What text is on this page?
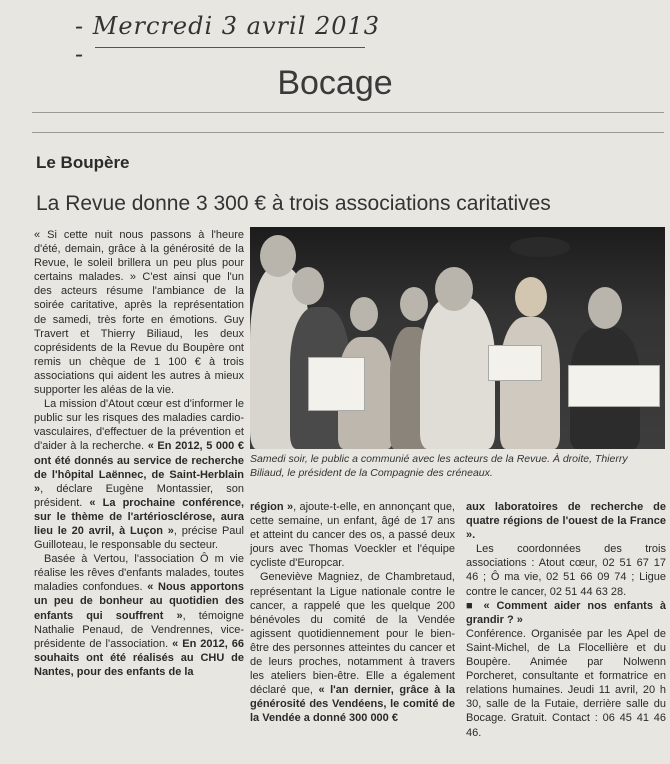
- Mercredi 3 avril 2013 -
Bocage
Le Boupère
La Revue donne 3 300 € à trois associations caritatives

« Si cette nuit nous passons à l'heure d'été, demain, grâce à la générosité de la Revue, le soleil brillera un peu plus pour certains malades. » C'est ainsi que l'un des acteurs résume l'ambiance de la soirée caritative, après la représentation de samedi, très forte en émotions. Guy Travert et Thierry Biliaud, les deux coprésidents de la Revue du Boupère ont remis un chèque de 1 100 € à trois associations qui aident les autres à mieux supporter les aléas de la vie.

La mission d'Atout cœur est d'informer le public sur les risques des maladies cardio-vasculaires, d'effectuer de la prévention et d'aider à la recherche. « En 2012, 5 000 € ont été donnés au service de recherche de l'hôpital Laënnec, de Saint-Herblain », déclare Eugène Montassier, son président. « La prochaine conférence, sur le thème de l'artériosclérose, aura lieu le 20 avril, à Luçon », précise Paul Guilloteau, le responsable du secteur.

Basée à Vertou, l'association Ô m vie réalise les rêves d'enfants malades, toutes maladies confondues. « Nous apportons un peu de bonheur au quotidien des enfants qui souffrent », témoigne Nathalie Penaud, de Vendrennes, vice-présidente de l'association. « En 2012, 66 souhaits ont été réalisés au CHU de Nantes, pour des enfants de la

Samedi soir, le public a communié avec les acteurs de la Revue. À droite, Thierry Biliaud, le président de la Compagnie des créneaux.

région », ajoute-t-elle, en annonçant que, cette semaine, un enfant, âgé de 17 ans et atteint du cancer des os, a passé deux jours avec Thomas Voeckler et l'équipe cycliste d'Europcar.

Geneviève Magniez, de Chambretaud, représentant la Ligue nationale contre le cancer, a rappelé que les quelque 200 bénévoles du comité de la Vendée agissent quotidiennement pour le bien-être des personnes atteintes du cancer et de leurs proches, notamment à travers les ateliers bien-être. Elle a également déclaré que, « l'an dernier, grâce à la générosité des Vendéens, le comité de la Vendée a donné 300 000 €

aux laboratoires de recherche de quatre régions de l'ouest de la France ».

Les coordonnées des trois associations : Atout cœur, 02 51 67 17 46 ; Ô ma vie, 02 51 66 09 74 ; Ligue contre le cancer, 02 51 44 63 28.

■ « Comment aider nos enfants à grandir ? »

Conférence. Organisée par les Apel de Saint-Michel, de La Flocellière et du Boupère. Animée par Nolwenn Porcheret, consultante et formatrice en relations humaines. Jeudi 11 avril, 20 h 30, salle de la Futaie, derrière salle du Bocage. Gratuit. Contact : 06 45 41 46 46.
